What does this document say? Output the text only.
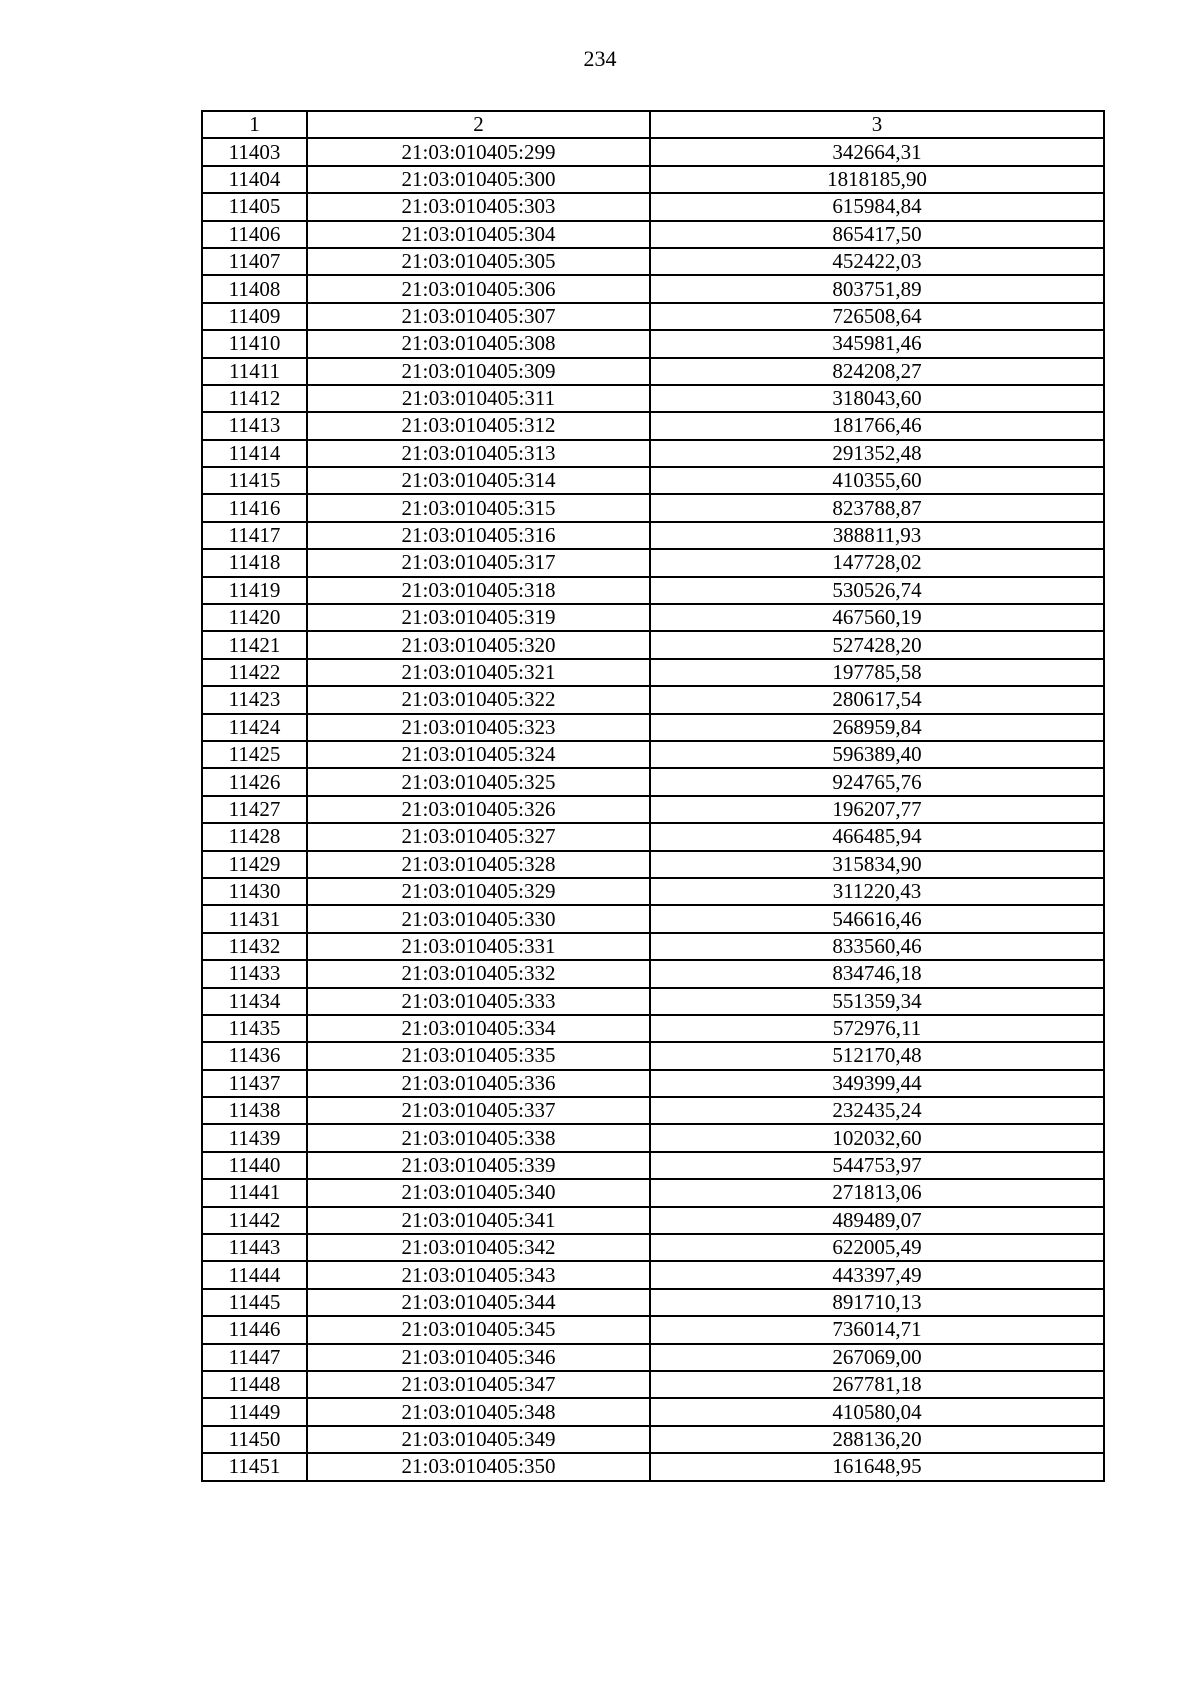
234
1	2	3
11403	21:03:010405:299	342664,31
11404	21:03:010405:300	1818185,90
11405	21:03:010405:303	615984,84
11406	21:03:010405:304	865417,50
11407	21:03:010405:305	452422,03
11408	21:03:010405:306	803751,89
11409	21:03:010405:307	726508,64
11410	21:03:010405:308	345981,46
11411	21:03:010405:309	824208,27
11412	21:03:010405:311	318043,60
11413	21:03:010405:312	181766,46
11414	21:03:010405:313	291352,48
11415	21:03:010405:314	410355,60
11416	21:03:010405:315	823788,87
11417	21:03:010405:316	388811,93
11418	21:03:010405:317	147728,02
11419	21:03:010405:318	530526,74
11420	21:03:010405:319	467560,19
11421	21:03:010405:320	527428,20
11422	21:03:010405:321	197785,58
11423	21:03:010405:322	280617,54
11424	21:03:010405:323	268959,84
11425	21:03:010405:324	596389,40
11426	21:03:010405:325	924765,76
11427	21:03:010405:326	196207,77
11428	21:03:010405:327	466485,94
11429	21:03:010405:328	315834,90
11430	21:03:010405:329	311220,43
11431	21:03:010405:330	546616,46
11432	21:03:010405:331	833560,46
11433	21:03:010405:332	834746,18
11434	21:03:010405:333	551359,34
11435	21:03:010405:334	572976,11
11436	21:03:010405:335	512170,48
11437	21:03:010405:336	349399,44
11438	21:03:010405:337	232435,24
11439	21:03:010405:338	102032,60
11440	21:03:010405:339	544753,97
11441	21:03:010405:340	271813,06
11442	21:03:010405:341	489489,07
11443	21:03:010405:342	622005,49
11444	21:03:010405:343	443397,49
11445	21:03:010405:344	891710,13
11446	21:03:010405:345	736014,71
11447	21:03:010405:346	267069,00
11448	21:03:010405:347	267781,18
11449	21:03:010405:348	410580,04
11450	21:03:010405:349	288136,20
11451	21:03:010405:350	161648,95
